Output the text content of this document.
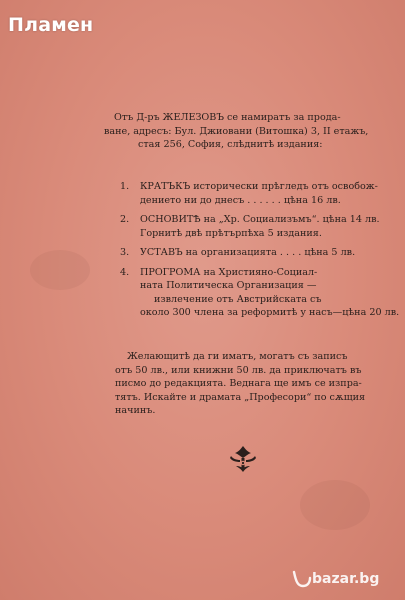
Пламен
Отъ Д-ръ ЖЕЛЕЗОВЪ се намиратъ за прода-
ване, адресъ: Бул. Джиовани (Витошка) 3, II етажъ,
стая 256, София, слѣднитѣ издания:
1. КРАТЪКЪ исторически прѣгледъ отъ освобож-
дението ни до днесъ . . . . . . цѣна 16 лв.
2. ОСНОВИТѢ на „Хр. Социализъмъ“. цѣна 14 лв.
Горнитѣ двѣ прѣтърпѣха 5 издания.
3. УСТАВЪ на организацията . . . . цѣна 5 лв.
4. ПРОГРОМА на Християно-Социал-
ната Политическа Организация —
извлечение отъ Австрийската съ
около 300 члена за реформитѣ у насъ—цѣна 20 лв.
Желающитѣ да ги иматъ, могатъ съ записъ
отъ 50 лв., или книжни 50 лв. да приключатъ въ
писмо до редакцията. Веднага ще имъ се изпра-
тятъ. Искайте и драмата „Професори“ по сѫщия
начинъ.
bazar.bg
